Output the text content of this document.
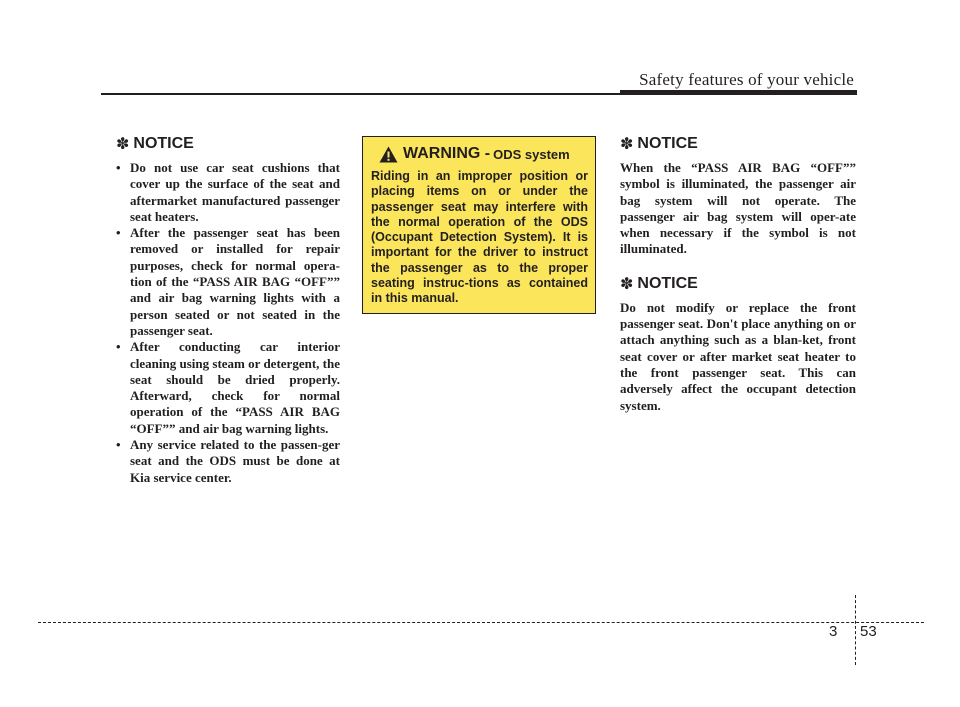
Safety features of your vehicle
✽ NOTICE
• Do not use car seat cushions that cover up the surface of the seat and aftermarket manufactured passenger seat heaters.
• After the passenger seat has been removed or installed for repair purposes, check for normal opera-tion of the “PASS AIR BAG “OFF”” and air bag warning lights with a person seated or not seated in the passenger seat.
• After conducting car interior cleaning using steam or detergent, the seat should be dried properly. Afterward, check for normal operation of the “PASS AIR BAG “OFF”” and air bag warning lights.
• Any service related to the passen-ger seat and the ODS must be done at Kia service center.
WARNING - ODS system

Riding in an improper position or placing items on or under the passenger seat may interfere with the normal operation of the ODS (Occupant Detection System). It is important for the driver to instruct the passenger as to the proper seating instruc-tions as contained in this manual.

✽ NOTICE

When the “PASS AIR BAG “OFF”” symbol is illuminated, the passenger air bag system will not operate. The passenger air bag system will oper-ate when necessary if the symbol is not illuminated.

✽ NOTICE

Do not modify or replace the front passenger seat. Don't place anything on or attach anything such as a blan-ket, front seat cover or after market seat heater to the front passenger seat. This can adversely affect the occupant detection system.

3 53
